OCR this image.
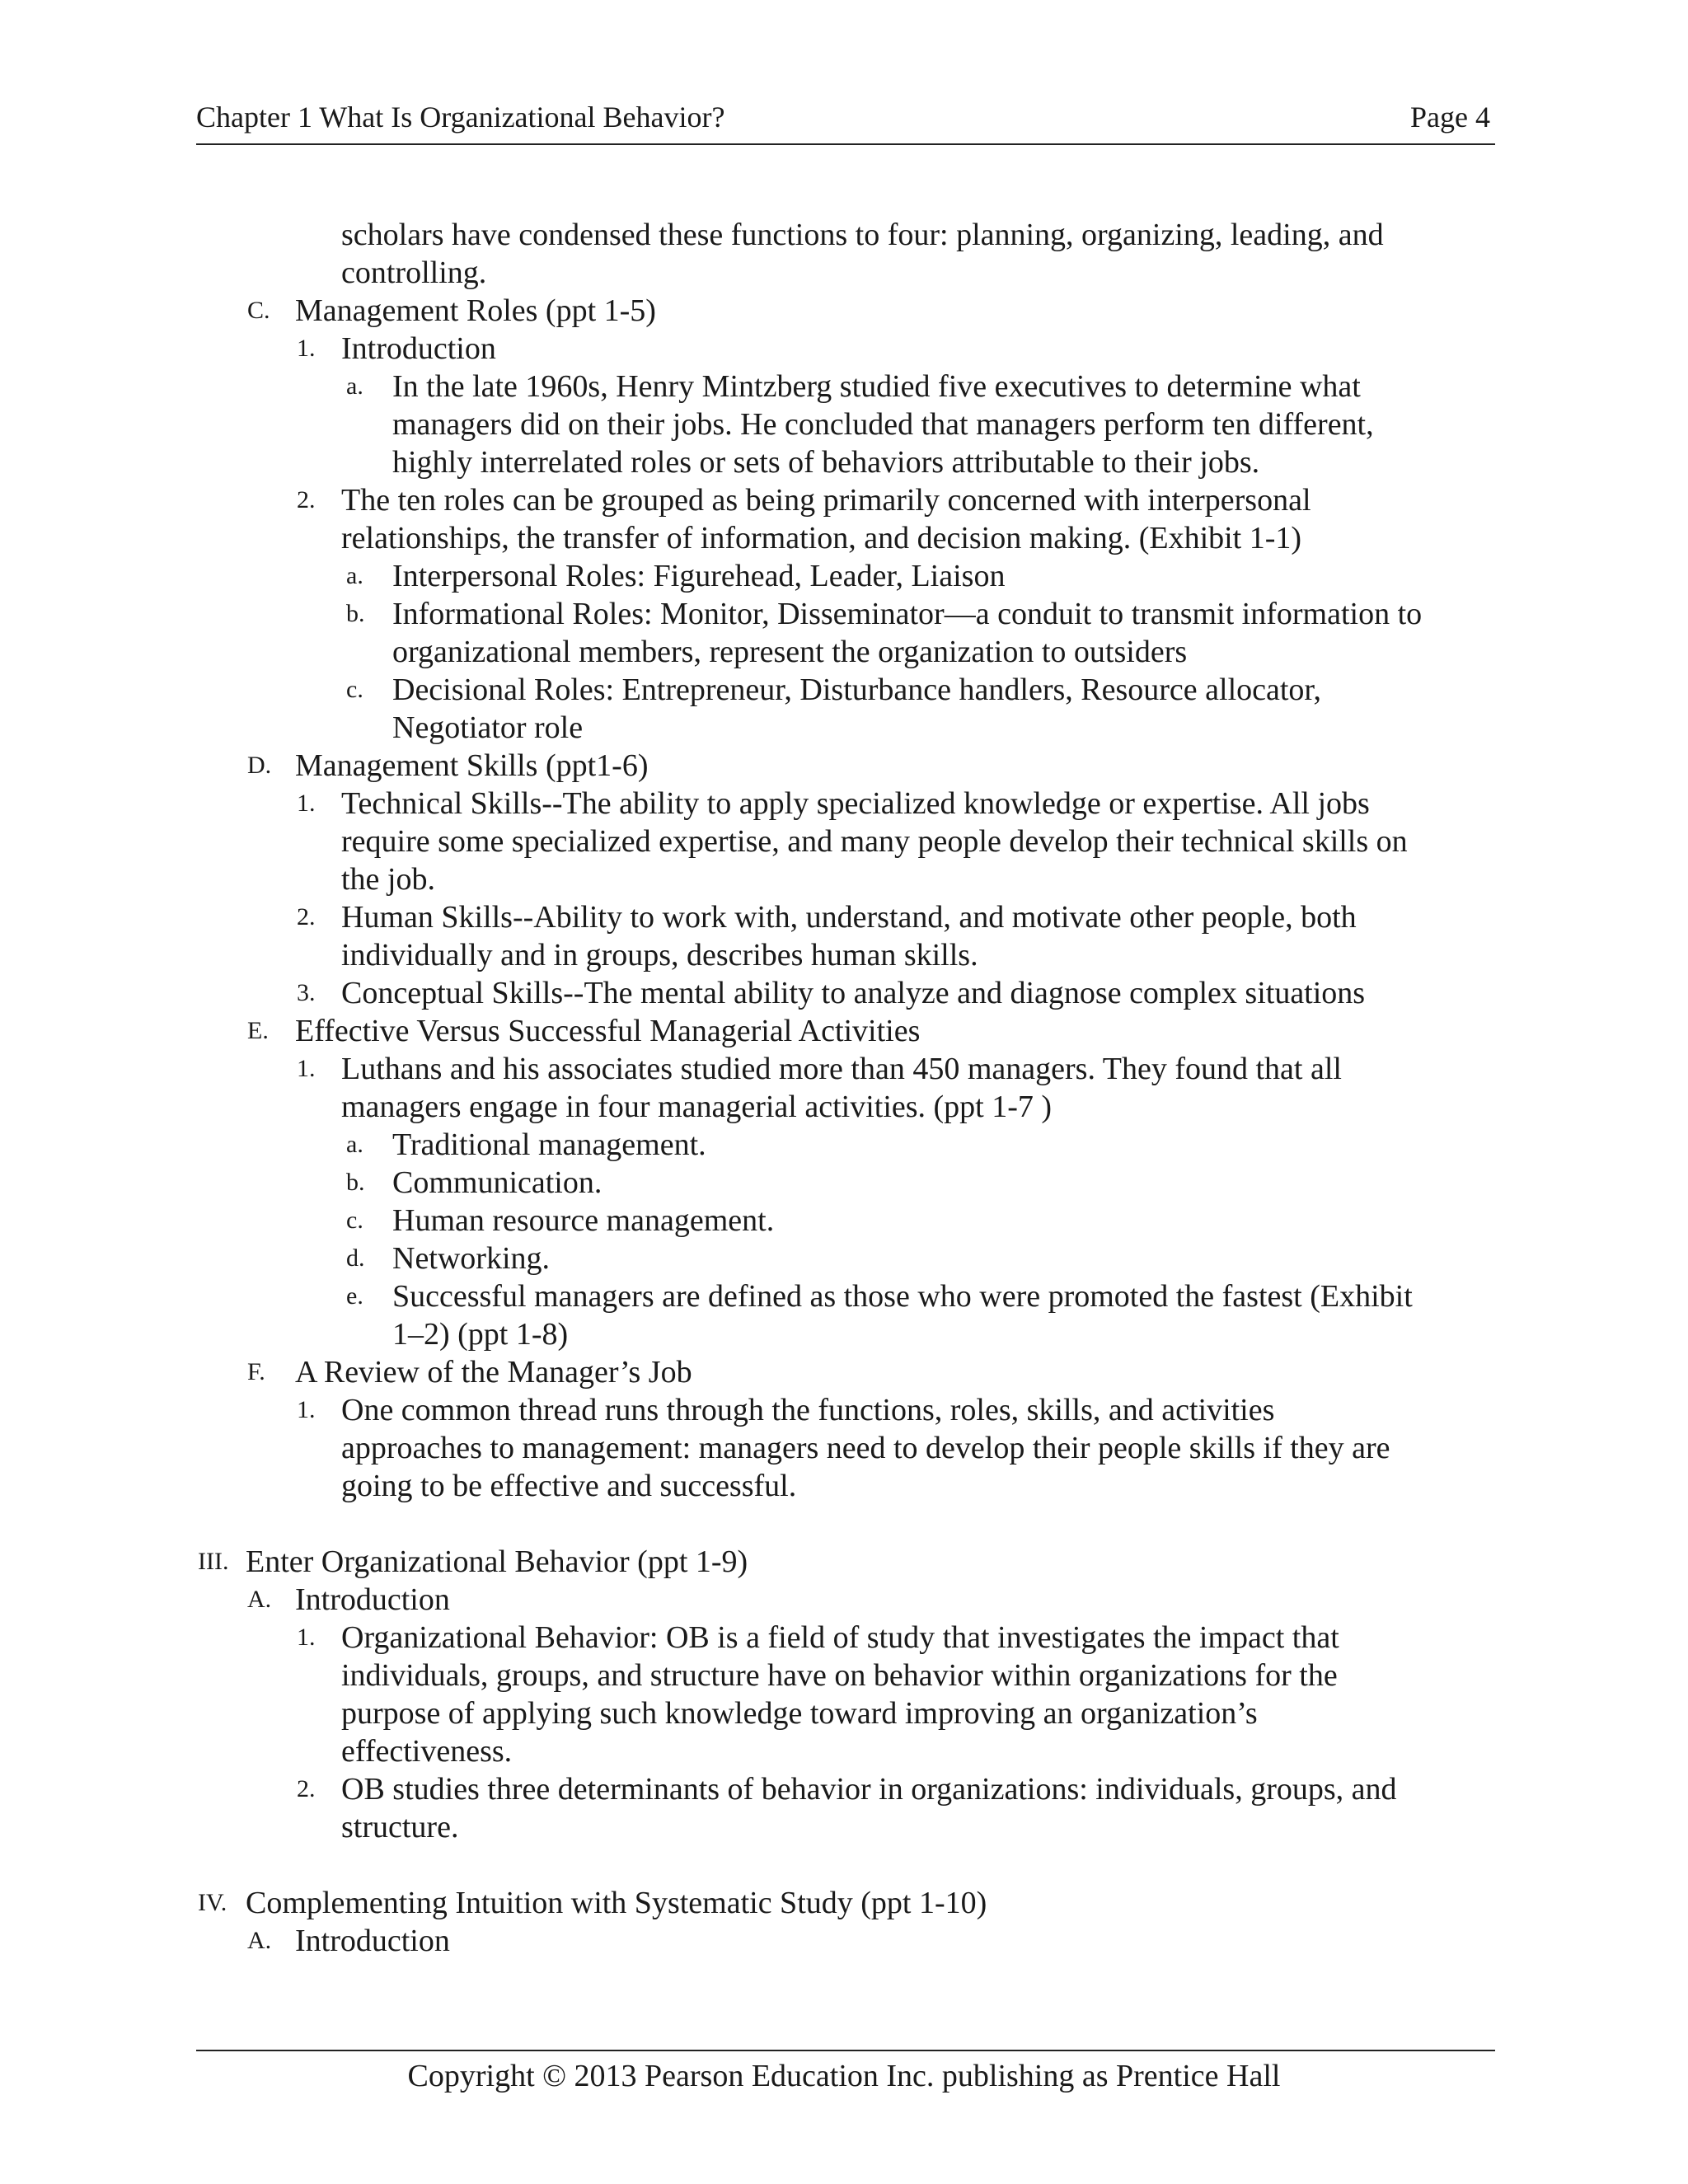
Chapter 1 What Is Organizational Behavior?	Page 4
scholars have condensed these functions to four: planning, organizing, leading, and
controlling.
C. Management Roles (ppt 1-5)
1. Introduction
a. In the late 1960s, Henry Mintzberg studied five executives to determine what
managers did on their jobs. He concluded that managers perform ten different,
highly interrelated roles or sets of behaviors attributable to their jobs.
2. The ten roles can be grouped as being primarily concerned with interpersonal
relationships, the transfer of information, and decision making. (Exhibit 1-1)
a. Interpersonal Roles: Figurehead, Leader, Liaison
b. Informational Roles: Monitor, Disseminator—a conduit to transmit information to
organizational members, represent the organization to outsiders
c. Decisional Roles: Entrepreneur, Disturbance handlers, Resource allocator,
Negotiator role
D. Management Skills (ppt1-6)
1. Technical Skills--The ability to apply specialized knowledge or expertise. All jobs
require some specialized expertise, and many people develop their technical skills on
the job.
2. Human Skills--Ability to work with, understand, and motivate other people, both
individually and in groups, describes human skills.
3. Conceptual Skills--The mental ability to analyze and diagnose complex situations
E. Effective Versus Successful Managerial Activities
1. Luthans and his associates studied more than 450 managers. They found that all
managers engage in four managerial activities. (ppt 1-7 )
a. Traditional management.
b. Communication.
c. Human resource management.
d. Networking.
e. Successful managers are defined as those who were promoted the fastest (Exhibit
1–2) (ppt 1-8)
F. A Review of the Manager’s Job
1. One common thread runs through the functions, roles, skills, and activities
approaches to management: managers need to develop their people skills if they are
going to be effective and successful.
III. Enter Organizational Behavior (ppt 1-9)
A. Introduction
1. Organizational Behavior: OB is a field of study that investigates the impact that
individuals, groups, and structure have on behavior within organizations for the
purpose of applying such knowledge toward improving an organization’s
effectiveness.
2. OB studies three determinants of behavior in organizations: individuals, groups, and
structure.
IV. Complementing Intuition with Systematic Study (ppt 1-10)
A. Introduction
Copyright © 2013 Pearson Education Inc. publishing as Prentice Hall
